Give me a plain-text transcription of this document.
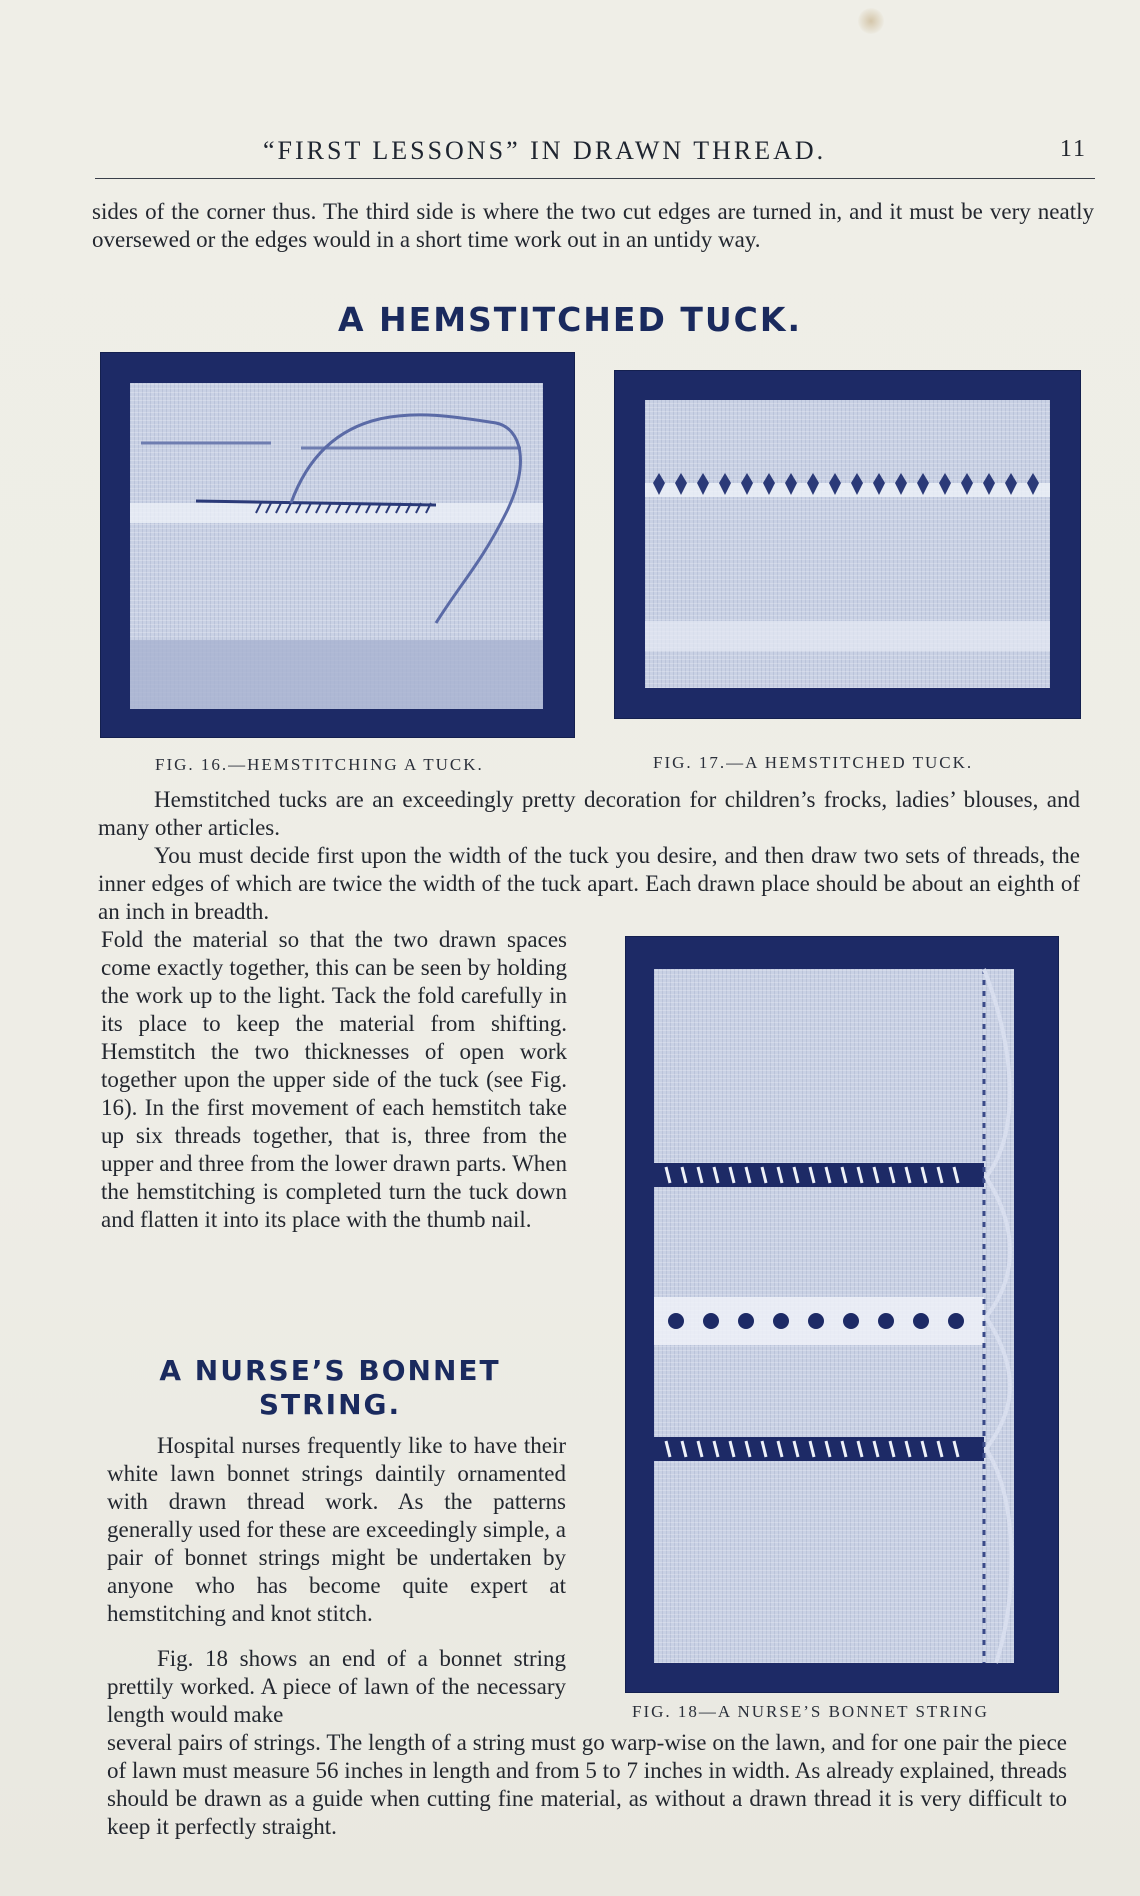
“FIRST LESSONS” IN DRAWN THREAD.	11
sides of the corner thus. The third side is where the two cut edges are turned in, and it must be very neatly oversewed or the edges would in a short time work out in an untidy way.
A HEMSTITCHED TUCK.
FIG. 16.—HEMSTITCHING A TUCK.	FIG. 17.—A HEMSTITCHED TUCK.
Hemstitched tucks are an exceedingly pretty decoration for children’s frocks, ladies’ blouses, and many other articles.
You must decide first upon the width of the tuck you desire, and then draw two sets of threads, the inner edges of which are twice the width of the tuck apart. Each drawn place should be about an eighth of an inch in breadth.
Fold the material so that the two drawn spaces come exactly together, this can be seen by holding the work up to the light. Tack the fold carefully in its place to keep the material from shifting. Hemstitch the two thicknesses of open work together upon the upper side of the tuck (see Fig. 16). In the first movement of each hemstitch take up six threads together, that is, three from the upper and three from the lower drawn parts. When the hemstitching is completed turn the tuck down and flatten it into its place with the thumb nail.
FIG. 18—A NURSE’S BONNET STRING
A NURSE’S BONNET
STRING.
Hospital nurses frequently like to have their white lawn bonnet strings daintily ornamented with drawn thread work. As the patterns generally used for these are exceedingly simple, a pair of bonnet strings might be undertaken by anyone who has become quite expert at hemstitching and knot stitch.
Fig. 18 shows an end of a bonnet string prettily worked. A piece of lawn of the necessary length would make
several pairs of strings. The length of a string must go warp-wise on the lawn, and for one pair the piece of lawn must measure 56 inches in length and from 5 to 7 inches in width. As already explained, threads should be drawn as a guide when cutting fine material, as without a drawn thread it is very difficult to keep it perfectly straight.
